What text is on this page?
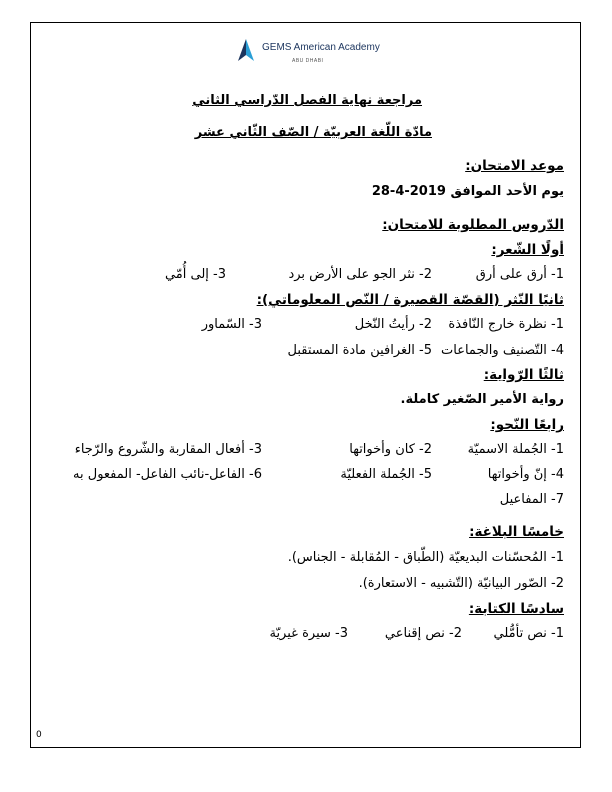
GEMS American Academy
ABU DHABI
مراجعة نهاية الفصل الدّراسي الثاني
مادّة اللّغة العربيّة / الصّف الثّاني عشر
موعد الامتحان:
يوم الأحد الموافق 2019-4-28
الدّروس المطلوبة للامتحان:
أولًا الشّعر:
1- أرق على أرق
2- نثر الجو على الأرض برد
3- إلى أُمّي
ثانيًا النّثر (القصّة القصيرة / النّص المعلوماتي):
1- نظرة خارج النّافذة
2- رأيتُ النّخل
3- السّماور
4- التّصنيف والجماعات
5- الغرافين مادة المستقبل
ثالثًا الرّواية:
رواية الأمير الصّغير كاملة.
رابعًا النّحو:
1- الجُملة الاسميّة
2- كان وأخواتها
3- أفعال المقاربة والشّروع والرّجاء
4- إنّ وأخواتها
5- الجُملة الفعليّة
6- الفاعل-نائب الفاعل- المفعول به
7- المفاعيل
خامسًا البلاغة:
1- المُحسّنات البديعيّة (الطّباق - المُقابلة - الجناس).
2- الصّور البيانيّة (التّشبيه - الاستعارة).
سادسًا الكتابة:
1- نص تأمُّلي
2- نص إقناعي
3- سيرة غيريّة
0
